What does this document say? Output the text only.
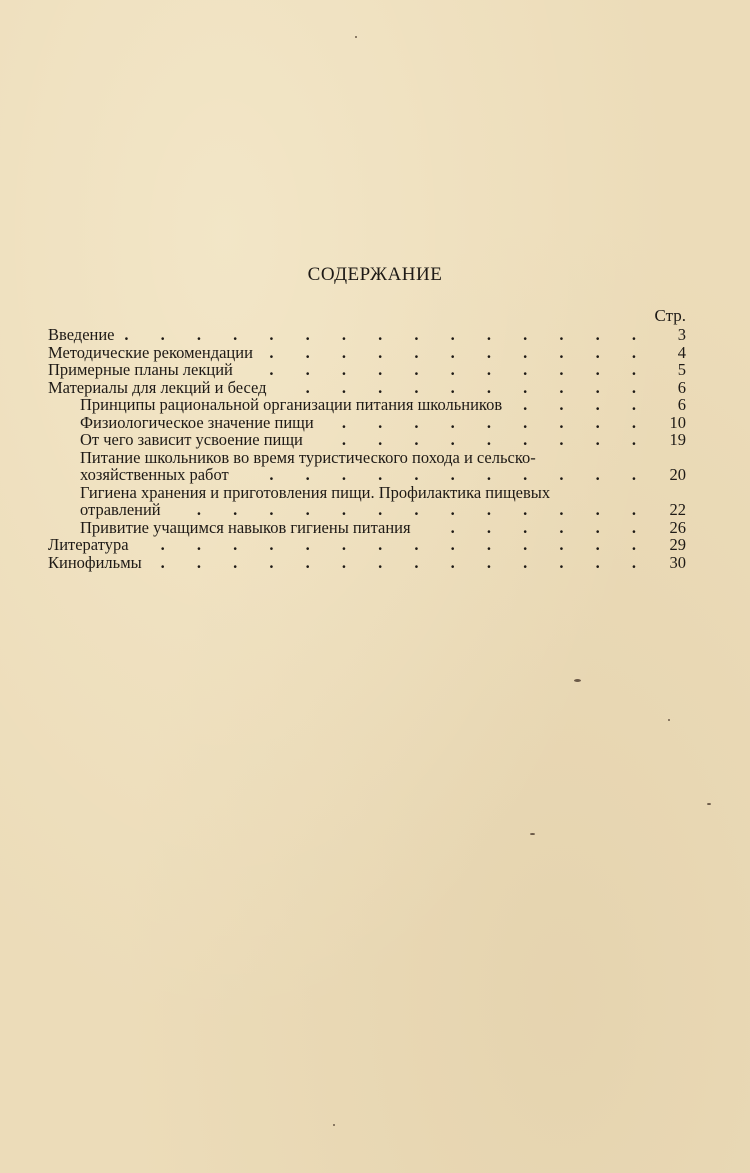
СОДЕРЖАНИЕ
Стр.
Введение . . .	3
Методические рекомендации . . .	4
Примерные планы лекций . . .	5
Материалы для лекций и бесед . . .	6
Принципы рациональной организации питания школьников . . .	6
Физиологическое значение пищи . . .	10
От чего зависит усвоение пищи . . .	19
Питание школьников во время туристического похода и сельско-
хозяйственных работ . . .	20
Гигиена хранения и приготовления пищи. Профилактика пищевых
отравлений . . .	22
Привитие учащимся навыков гигиены питания . . .	26
Литература . . .	29
Кинофильмы . . .	30
